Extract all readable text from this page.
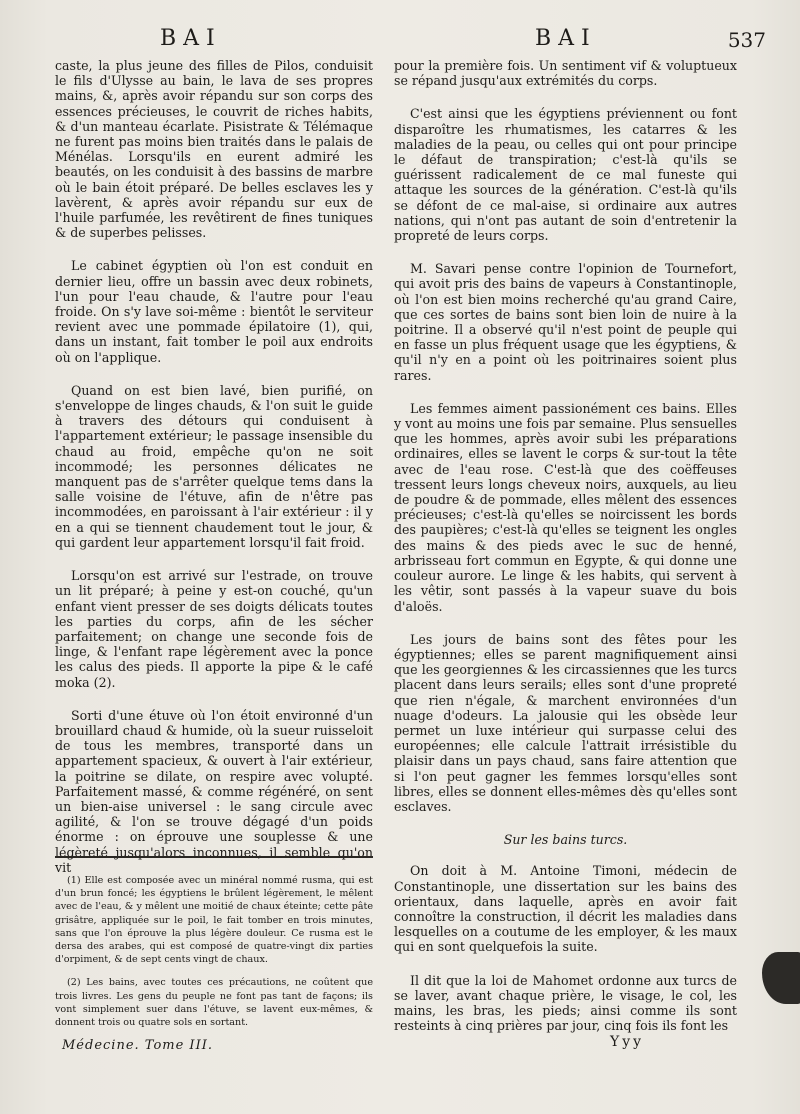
BAI	BAI	537

caste, la plus jeune des filles de Pilos, conduisit le fils d'Ulysse au bain, le lava de ses propres mains, &, après avoir répandu sur son corps des essences précieuses, le couvrit de riches habits, & d'un manteau écarlate. Pisistrate & Télémaque ne furent pas moins bien traités dans le palais de Ménélas. Lorsqu'ils en eurent admiré les beautés, on les conduisit à des bassins de marbre où le bain étoit préparé. De belles esclaves les y lavèrent, & après avoir répandu sur eux de l'huile parfumée, les revêtirent de fines tuniques & de superbes pelisses.

Le cabinet égyptien où l'on est conduit en dernier lieu, offre un bassin avec deux robinets, l'un pour l'eau chaude, & l'autre pour l'eau froide. On s'y lave soi-même : bientôt le serviteur revient avec une pommade épilatoire (1), qui, dans un instant, fait tomber le poil aux endroits où on l'applique.

Quand on est bien lavé, bien purifié, on s'enveloppe de linges chauds, & l'on suit le guide à travers des détours qui conduisent à l'appartement extérieur; le passage insensible du chaud au froid, empêche qu'on ne soit incommodé; les personnes délicates ne manquent pas de s'arrêter quelque tems dans la salle voisine de l'étuve, afin de n'être pas incommodées, en paroissant à l'air extérieur : il y en a qui se tiennent chaudement tout le jour, & qui gardent leur appartement lorsqu'il fait froid.

Lorsqu'on est arrivé sur l'estrade, on trouve un lit préparé; à peine y est-on couché, qu'un enfant vient presser de ses doigts délicats toutes les parties du corps, afin de les sécher parfaitement; on change une seconde fois de linge, & l'enfant rape légèrement avec la ponce les calus des pieds. Il apporte la pipe & le café moka (2).

Sorti d'une étuve où l'on étoit environné d'un brouillard chaud & humide, où la sueur ruisseloit de tous les membres, transporté dans un appartement spacieux, & ouvert à l'air extérieur, la poitrine se dilate, on respire avec volupté. Parfaitement massé, & comme régénéré, on sent un bien-aise universel : le sang circule avec agilité, & l'on se trouve dégagé d'un poids énorme : on éprouve une souplesse & une légèreté jusqu'alors inconnues, il semble qu'on vit

(1) Elle est composée avec un minéral nommé rusma, qui est d'un brun foncé; les égyptiens le brûlent légèrement, le mêlent avec de l'eau, & y mêlent une moitié de chaux éteinte; cette pâte grisâtre, appliquée sur le poil, le fait tomber en trois minutes, sans que l'on éprouve la plus légère douleur. Ce rusma est le dersa des arabes, qui est composé de quatre-vingt dix parties d'orpiment, & de sept cents vingt de chaux.

(2) Les bains, avec toutes ces précautions, ne coûtent que trois livres. Les gens du peuple ne font pas tant de façons; ils vont simplement suer dans l'étuve, se lavent eux-mêmes, & donnent trois ou quatre sols en sortant.

Médecine. Tome III.

pour la première fois. Un sentiment vif & voluptueux se répand jusqu'aux extrémités du corps.

C'est ainsi que les égyptiens préviennent ou font disparoître les rhumatismes, les catarres & les maladies de la peau, ou celles qui ont pour principe le défaut de transpiration; c'est-là qu'ils se guérissent radicalement de ce mal funeste qui attaque les sources de la génération. C'est-là qu'ils se défont de ce mal-aise, si ordinaire aux autres nations, qui n'ont pas autant de soin d'entretenir la propreté de leurs corps.

M. Savari pense contre l'opinion de Tournefort, qui avoit pris des bains de vapeurs à Constantinople, où l'on est bien moins recherché qu'au grand Caire, que ces sortes de bains sont bien loin de nuire à la poitrine. Il a observé qu'il n'est point de peuple qui en fasse un plus fréquent usage que les égyptiens, & qu'il n'y en a point où les poitrinaires soient plus rares.

Les femmes aiment passionément ces bains. Elles y vont au moins une fois par semaine. Plus sensuelles que les hommes, après avoir subi les préparations ordinaires, elles se lavent le corps & sur-tout la tête avec de l'eau rose. C'est-là que des coëffeuses tressent leurs longs cheveux noirs, auxquels, au lieu de poudre & de pommade, elles mêlent des essences précieuses; c'est-là qu'elles se noircissent les bords des paupières; c'est-là qu'elles se teignent les ongles des mains & des pieds avec le suc de henné, arbrisseau fort commun en Egypte, & qui donne une couleur aurore. Le linge & les habits, qui servent à les vêtir, sont passés à la vapeur suave du bois d'aloës.

Les jours de bains sont des fêtes pour les égyptiennes; elles se parent magnifiquement ainsi que les georgiennes & les circassiennes que les turcs placent dans leurs serails; elles sont d'une propreté que rien n'égale, & marchent environnées d'un nuage d'odeurs. La jalousie qui les obsède leur permet un luxe intérieur qui surpasse celui des européennes; elle calcule l'attrait irrésistible du plaisir dans un pays chaud, sans faire attention que si l'on peut gagner les femmes lorsqu'elles sont libres, elles se donnent elles-mêmes dès qu'elles sont esclaves.

Sur les bains turcs.

On doit à M. Antoine Timoni, médecin de Constantinople, une dissertation sur les bains des orientaux, dans laquelle, après en avoir fait connoître la construction, il décrit les maladies dans lesquelles on a coutume de les employer, & les maux qui en sont quelquefois la suite.

Il dit que la loi de Mahomet ordonne aux turcs de se laver, avant chaque prière, le visage, le col, les mains, les bras, les pieds; ainsi comme ils sont resteints à cinq prières par jour, cinq fois ils font les

Yyy
